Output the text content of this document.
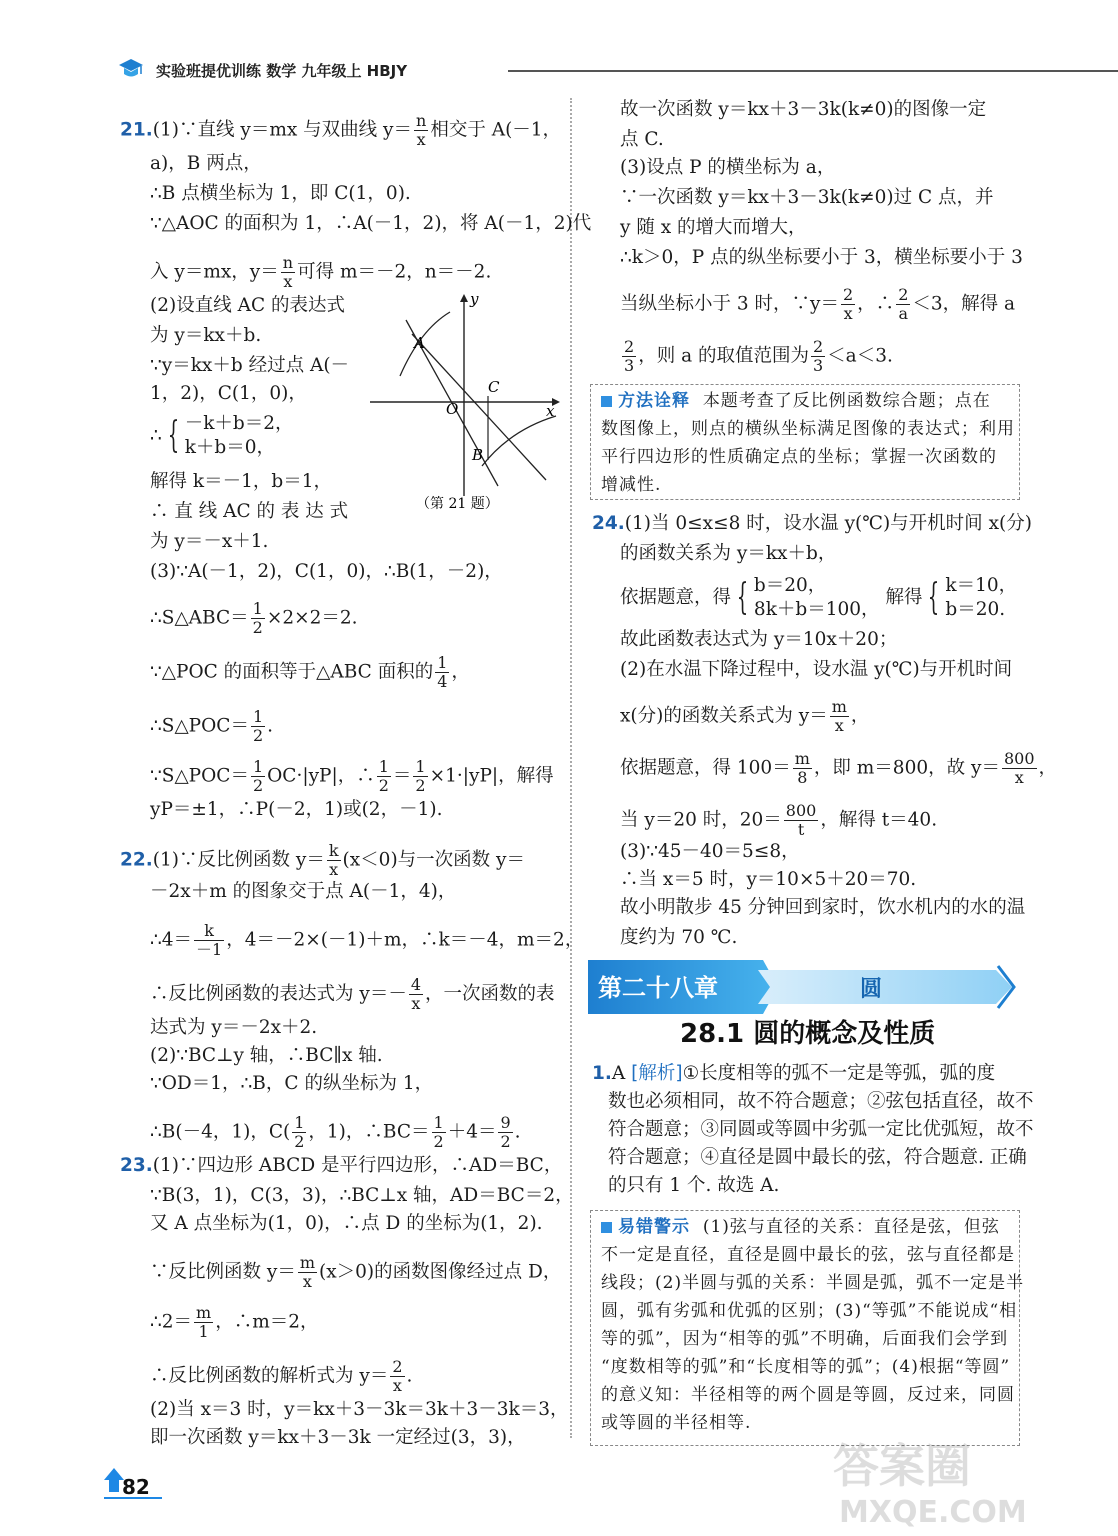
实验班提优训练 数学 九年级上 HBJY
21.(1)∵直线 y＝mx 与双曲线 $y= \frac{n}{x}$ 相交于 A(－1，
a)，B 两点，
∴B 点横坐标为 1，即 C(1，0).
∵△AOC 的面积为 1，∴A(－1，2)，将 A(－1，2)代
入 y＝mx，$y= \frac{n}{x}$ 可得 m＝－2，n＝－2.
(2)设直线 AC 的表达式
为 y＝kx＋b.
∵y＝kx＋b 经过点 A(－
1，2)，C(1，0)，
∴ { －k＋b＝2，
k＋b＝0，
解得 k＝－1，b＝1，
∴ 直 线 AC 的 表 达 式
为 y＝－x＋1.
(3)∵A(－1，2)，C(1，0)，∴B(1，－2)，
∴S△ABC＝ $\frac{1}{2} \times 2\times 2=2$.
∵△POC 的面积等于△ABC 面积的 $\frac{1}{4}$ ，
∴S△POC＝ $\frac{1}{2}$ .
∵S△POC＝ $\frac{1}{2} OC\cdot|yP|$，∴ $\frac{1}{2} = \frac{1}{2} \times 1\cdot|yP|$，解得
yP＝±1，∴P(－2，1)或(2，－1).
y
x
O
A
B
C
（第 21 题）
22.(1)∵反比例函数 $y= \frac{k}{x} (x<0)$与一次函数 y＝
－2x＋m 的图象交于点 A(－1，4)，
∴4＝ $\frac{k}{-1}$ ，4＝－2×(－1)＋m，∴k＝－4，m＝2，
∴反比例函数的表达式为 $y=- \frac{4}{x}$ ，一次函数的表
达式为 y＝－2x＋2.
(2)∵BC⊥y 轴，∴BC∥x 轴.
∵OD＝1，∴B，C 的纵坐标为 1，
∴B(－4，1)，$C( \frac{1}{2}$ ，1)，∴BC＝ $\frac{1}{2} +4= \frac{9}{2}$ .
23.(1)∵四边形 ABCD 是平行四边形，∴AD＝BC，
∵B(3，1)，C(3，3)，∴BC⊥x 轴，AD＝BC＝2，
又 A 点坐标为(1，0)，∴点 D 的坐标为(1，2).
∵反比例函数 $y= \frac{m}{x} (x>0)$的函数图像经过点 D，
∴2＝ $\frac{m}{1}$ ，∴m＝2，
∴反比例函数的解析式为 $y= \frac{2}{x}$ .
(2)当 x＝3 时，y＝kx＋3－3k＝3k＋3－3k＝3，
即一次函数 y＝kx＋3－3k 一定经过(3，3)，
故一次函数 y＝kx＋3－3k(k≠0)的图像一定
点 C.
(3)设点 P 的横坐标为 a，
∵一次函数 y＝kx＋3－3k(k≠0)过 C 点，并
y 随 x 的增大而增大，
∴k＞0，P 点的纵坐标要小于 3，横坐标要小于 3
当纵坐标小于 3 时，∵y＝ $\frac{2}{x}$ ，∴ $\frac{2}{a} <3$，解得 a
$\frac{2}{3}$ ，则 a 的取值范围为 $\frac{2}{3} <a<3$.
方法诠释 本题考查了反比例函数综合题；点在
数图像上，则点的横纵坐标满足图像的表达式；利用
平行四边形的性质确定点的坐标；掌握一次函数的
增减性.
24.(1)当 0≤x≤8 时，设水温 y(℃)与开机时间 x(分)
的函数关系为 y＝kx＋b，
依据题意，得 { b＝20，
8k＋b＝100， 解得 { k＝10，
b＝20.
故此函数表达式为 y＝10x＋20；
(2)在水温下降过程中，设水温 y(℃)与开机时间
x(分)的函数关系式为 $y= \frac{m}{x}$ ，
依据题意，得 $100= \frac{m}{8}$ ，即 m＝800，故 $y= \frac{800}{x}$ ，
当 y＝20 时，$20= \frac{800}{t}$ ，解得 t＝40.
(3)∵45－40＝5≤8，
∴当 x＝5 时，y＝10×5＋20＝70.
故小明散步 45 分钟回到家时，饮水机内的水的温
度约为 70 ℃.
第二十八章	圆
28.1 圆的概念及性质
1.A [解析]①长度相等的弧不一定是等弧，弧的度
数也必须相同，故不符合题意；②弦包括直径，故不
符合题意；③同圆或等圆中劣弧一定比优弧短，故不
符合题意；④直径是圆中最长的弦，符合题意. 正确
的只有 1 个. 故选 A.
易错警示 (1)弦与直径的关系：直径是弦，但弦
不一定是直径，直径是圆中最长的弦，弦与直径都是
线段；(2)半圆与弧的关系：半圆是弧，弧不一定是半
圆，弧有劣弧和优弧的区别；(3)“等弧”不能说成“相
等的弧”，因为“相等的弧”不明确，后面我们会学到
“度数相等的弧”和“长度相等的弧”；(4)根据“等圆”
的意义知：半径相等的两个圆是等圆，反过来，同圆
或等圆的半径相等.
82	答案圈
MXQE.COM
